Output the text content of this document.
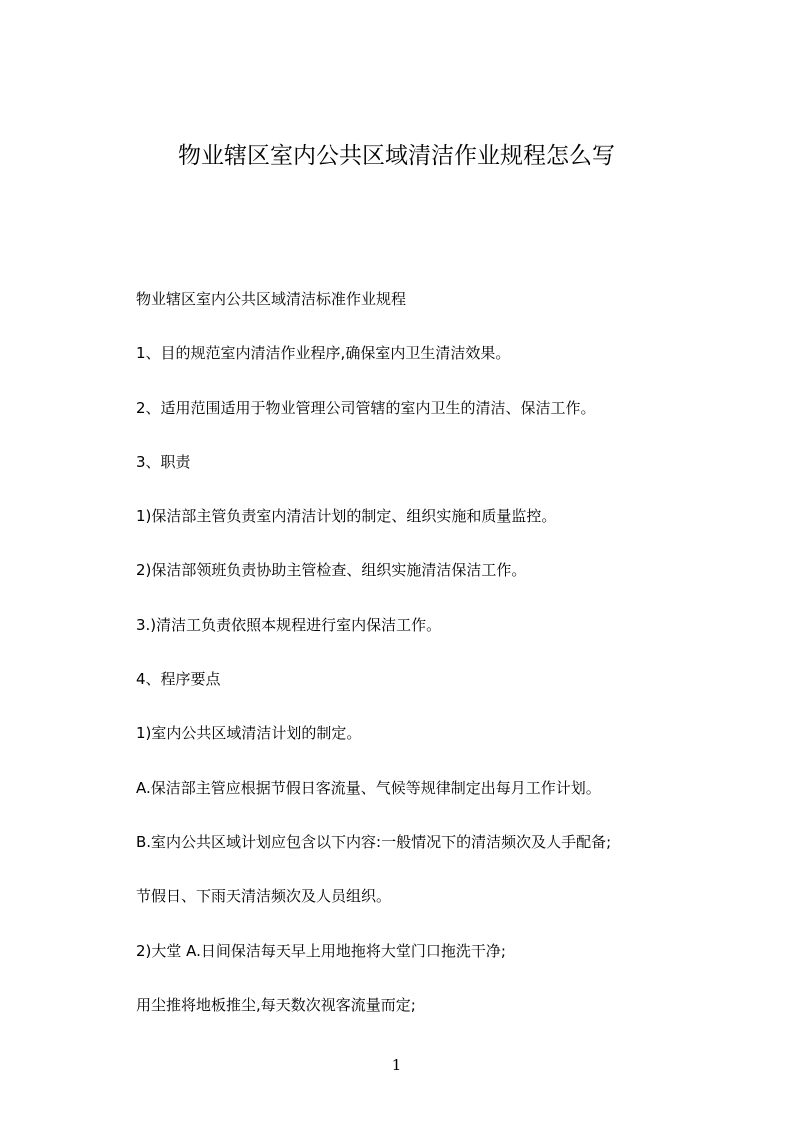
物业辖区室内公共区域清洁作业规程怎么写

物业辖区室内公共区域清洁标准作业规程

1、目的规范室内清洁作业程序,确保室内卫生清洁效果。

2、适用范围适用于物业管理公司管辖的室内卫生的清洁、保洁工作。

3、职责

1)保洁部主管负责室内清洁计划的制定、组织实施和质量监控。

2)保洁部领班负责协助主管检查、组织实施清洁保洁工作。

3.)清洁工负责依照本规程进行室内保洁工作。

4、程序要点

1)室内公共区域清洁计划的制定。

A.保洁部主管应根据节假日客流量、气候等规律制定出每月工作计划。

B.室内公共区域计划应包含以下内容:一般情况下的清洁频次及人手配备;

节假日、下雨天清洁频次及人员组织。

2)大堂 A.日间保洁每天早上用地拖将大堂门口拖洗干净;

用尘推将地板推尘,每天数次视客流量而定;

1
